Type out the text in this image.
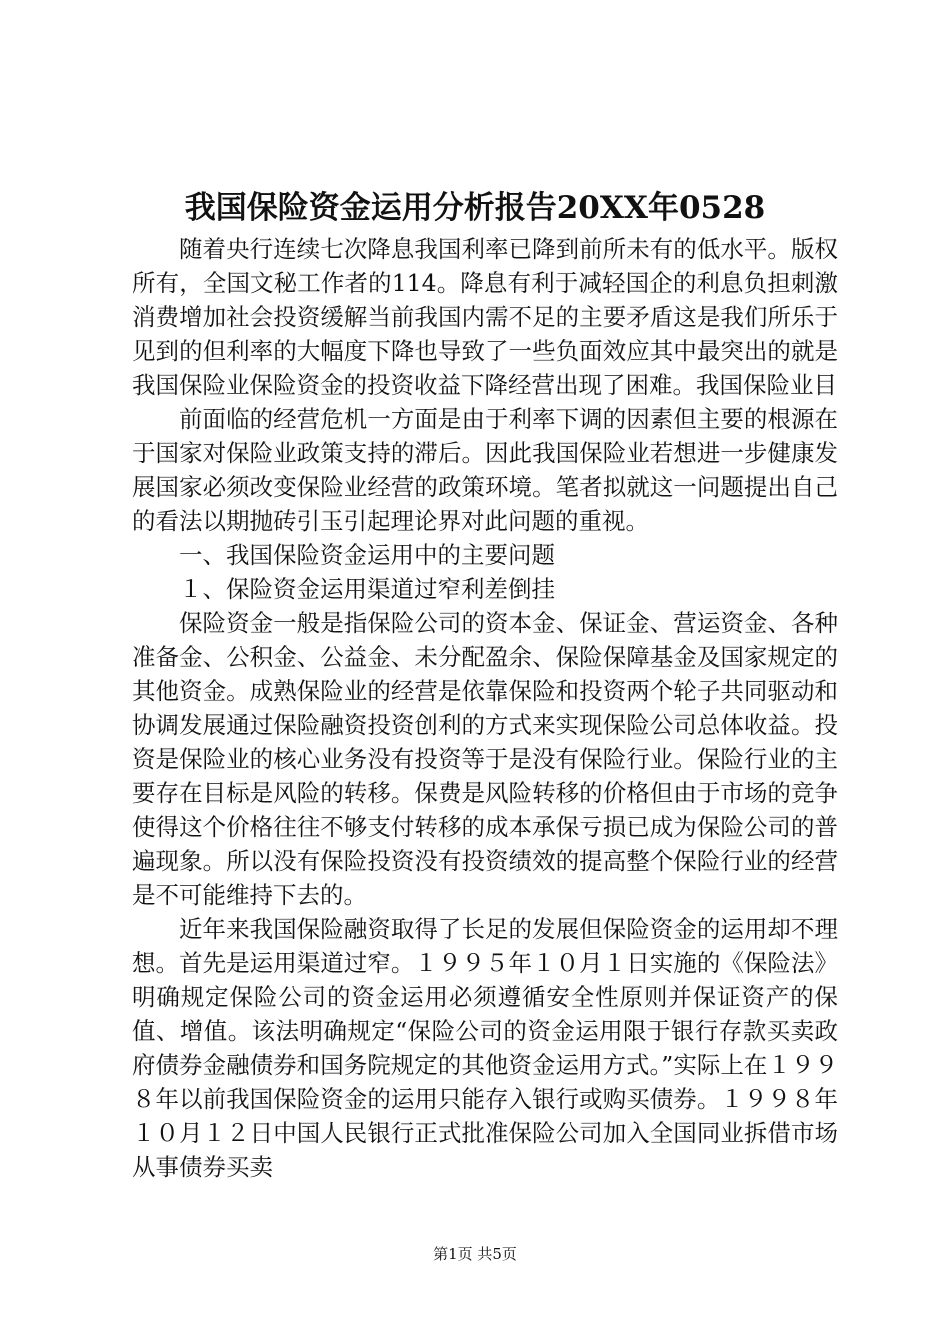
我国保险资金运用分析报告20XX年0528

随着央行连续七次降息我国利率已降到前所未有的低水平。版权所有，全国文秘工作者的114。降息有利于减轻国企的利息负担刺激消费增加社会投资缓解当前我国内需不足的主要矛盾这是我们所乐于见到的但利率的大幅度下降也导致了一些负面效应其中最突出的就是我国保险业保险资金的投资收益下降经营出现了困难。我国保险业目

前面临的经营危机一方面是由于利率下调的因素但主要的根源在于国家对保险业政策支持的滞后。因此我国保险业若想进一步健康发展国家必须改变保险业经营的政策环境。笔者拟就这一问题提出自己的看法以期抛砖引玉引起理论界对此问题的重视。

一、我国保险资金运用中的主要问题

１、保险资金运用渠道过窄利差倒挂

保险资金一般是指保险公司的资本金、保证金、营运资金、各种准备金、公积金、公益金、未分配盈余、保险保障基金及国家规定的其他资金。成熟保险业的经营是依靠保险和投资两个轮子共同驱动和协调发展通过保险融资投资创利的方式来实现保险公司总体收益。投资是保险业的核心业务没有投资等于是没有保险行业。保险行业的主要存在目标是风险的转移。保费是风险转移的价格但由于市场的竞争使得这个价格往往不够支付转移的成本承保亏损已成为保险公司的普遍现象。所以没有保险投资没有投资绩效的提高整个保险行业的经营是不可能维持下去的。

近年来我国保险融资取得了长足的发展但保险资金的运用却不理想。首先是运用渠道过窄。１９９５年１０月１日实施的《保险法》明确规定保险公司的资金运用必须遵循安全性原则并保证资产的保值、增值。该法明确规定“保险公司的资金运用限于银行存款买卖政府债券金融债券和国务院规定的其他资金运用方式。”实际上在１９９８年以前我国保险资金的运用只能存入银行或购买债券。１９９８年１０月１２日中国人民银行正式批准保险公司加入全国同业拆借市场从事债券买卖

第1页 共5页
